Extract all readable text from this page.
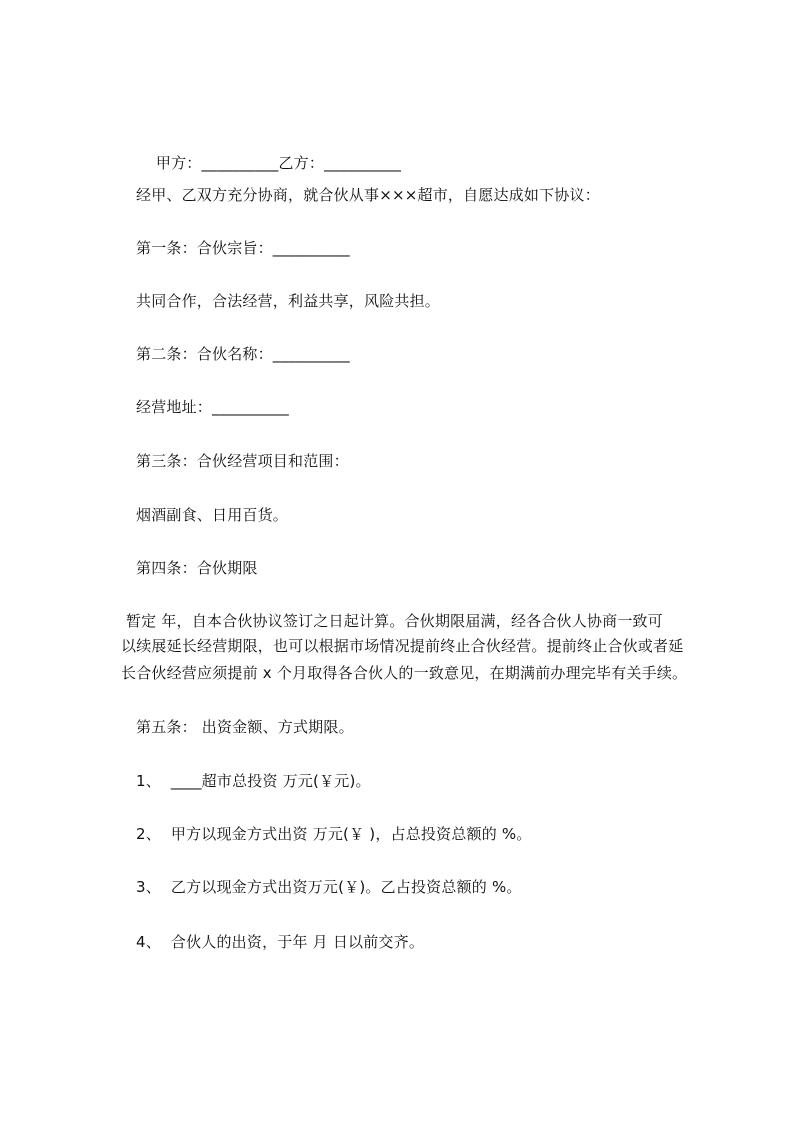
甲方：__________乙方：__________

经甲、乙双方充分协商，就合伙从事×××超市，自愿达成如下协议：
第一条：合伙宗旨：__________
共同合作，合法经营，利益共享，风险共担。
第二条：合伙名称：__________
经营地址：__________
第三条：合伙经营项目和范围：
烟酒副食、日用百货。
第四条：合伙期限
暂定 年，自本合伙协议签订之日起计算。合伙期限届满，经各合伙人协商一致可
以续展延长经营期限，也可以根据市场情况提前终止合伙经营。提前终止合伙或者延
长合伙经营应须提前 x 个月取得各合伙人的一致意见，在期满前办理完毕有关手续。
第五条： 出资金额、方式期限。
1、  ____超市总投资 万元(￥元)。
2、  甲方以现金方式出资 万元(￥ )，占总投资总额的 %。
3、  乙方以现金方式出资万元(￥)。乙占投资总额的 %。
4、  合伙人的出资，于年 月 日以前交齐。
